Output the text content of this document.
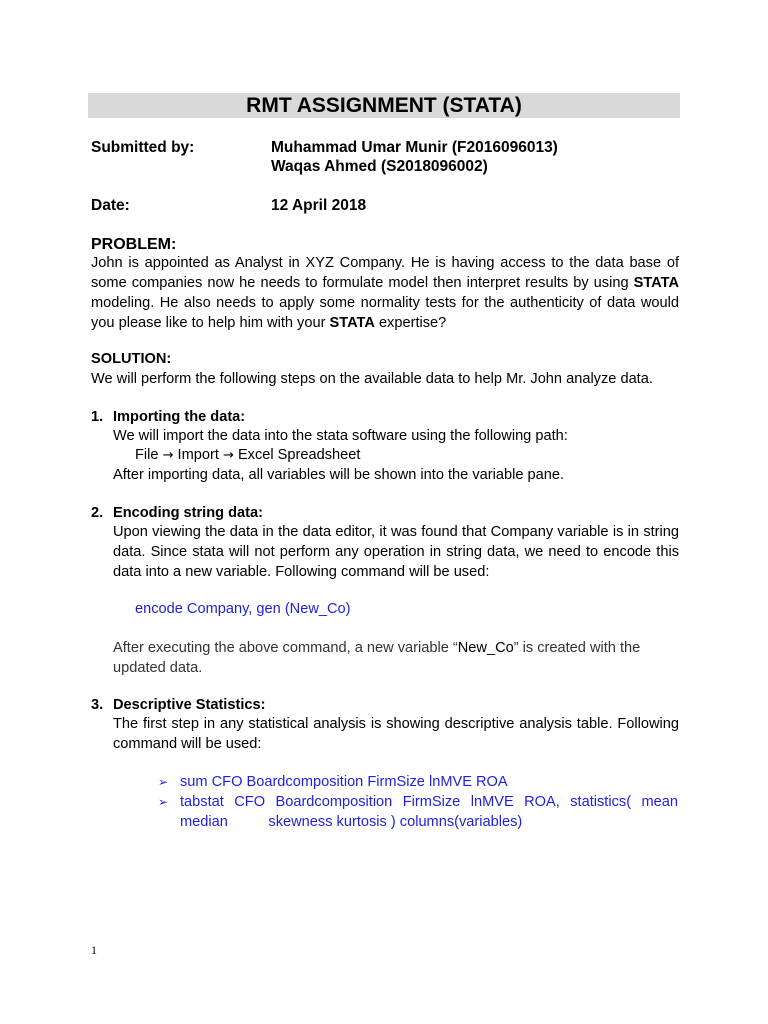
RMT ASSIGNMENT (STATA)
Submitted by:	Muhammad Umar Munir (F2016096013)
Waqas Ahmed (S2018096002)
Date:	12 April 2018
PROBLEM:
John is appointed as Analyst in XYZ Company. He is having access to the data base of some companies now he needs to formulate model then interpret results by using STATA modeling. He also needs to apply some normality tests for the authenticity of data would you please like to help him with your STATA expertise?
SOLUTION:
We will perform the following steps on the available data to help Mr. John analyze data.
1. Importing the data:
We will import the data into the stata software using the following path:
File → Import → Excel Spreadsheet
After importing data, all variables will be shown into the variable pane.
2. Encoding string data:
Upon viewing the data in the data editor, it was found that Company variable is in string data. Since stata will not perform any operation in string data, we need to encode this data into a new variable. Following command will be used:
encode Company, gen (New_Co)
After executing the above command, a new variable “New_Co” is created with the updated data.
3. Descriptive Statistics:
The first step in any statistical analysis is showing descriptive analysis table. Following command will be used:
➢ sum CFO Boardcomposition FirmSize lnMVE ROA
➢ tabstat CFO Boardcomposition FirmSize lnMVE ROA, statistics( mean median          skewness kurtosis ) columns(variables)
1
